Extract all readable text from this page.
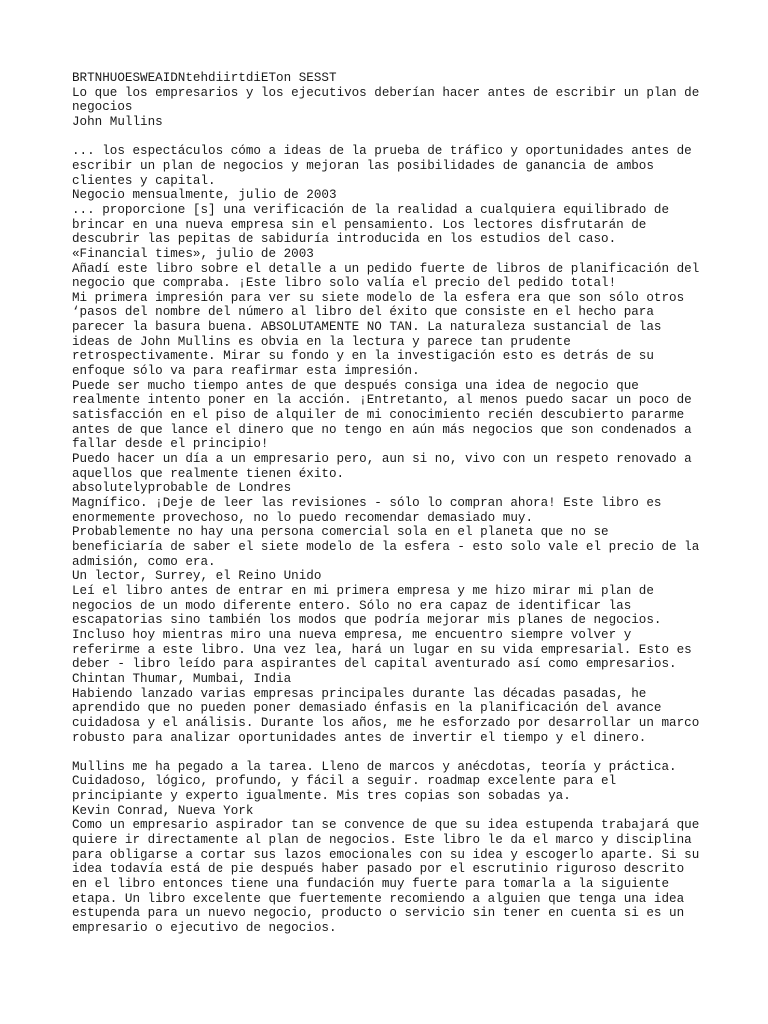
BRTNHUOESWEAIDNtehdiirtdiETon SESST
Lo que los empresarios y los ejecutivos deberían hacer antes de escribir un plan de
negocios
John Mullins
... los espectáculos cómo a ideas de la prueba de tráfico y oportunidades antes de
escribir un plan de negocios y mejoran las posibilidades de ganancia de ambos
clientes y capital.
Negocio mensualmente, julio de 2003
... proporcione [s] una verificación de la realidad a cualquiera equilibrado de
brincar en una nueva empresa sin el pensamiento. Los lectores disfrutarán de
descubrir las pepitas de sabiduría introducida en los estudios del caso.
«Financial times», julio de 2003
Añadí este libro sobre el detalle a un pedido fuerte de libros de planificación del
negocio que compraba. ¡Este libro solo valía el precio del pedido total!
Mi primera impresión para ver su siete modelo de la esfera era que son sólo otros
‘pasos del nombre del número al libro del éxito que consiste en el hecho para
parecer la basura buena. ABSOLUTAMENTE NO TAN. La naturaleza sustancial de las
ideas de John Mullins es obvia en la lectura y parece tan prudente
retrospectivamente. Mirar su fondo y en la investigación esto es detrás de su
enfoque sólo va para reafirmar esta impresión.
Puede ser mucho tiempo antes de que después consiga una idea de negocio que
realmente intento poner en la acción. ¡Entretanto, al menos puedo sacar un poco de
satisfacción en el piso de alquiler de mi conocimiento recién descubierto pararme
antes de que lance el dinero que no tengo en aún más negocios que son condenados a
fallar desde el principio!
Puedo hacer un día a un empresario pero, aun si no, vivo con un respeto renovado a
aquellos que realmente tienen éxito.
absolutelyprobable de Londres
Magnífico. ¡Deje de leer las revisiones - sólo lo compran ahora! Este libro es
enormemente provechoso, no lo puedo recomendar demasiado muy.
Probablemente no hay una persona comercial sola en el planeta que no se
beneficiaría de saber el siete modelo de la esfera - esto solo vale el precio de la
admisión, como era.
Un lector, Surrey, el Reino Unido
Leí el libro antes de entrar en mi primera empresa y me hizo mirar mi plan de
negocios de un modo diferente entero. Sólo no era capaz de identificar las
escapatorias sino también los modos que podría mejorar mis planes de negocios.
Incluso hoy mientras miro una nueva empresa, me encuentro siempre volver y
referirme a este libro. Una vez lea, hará un lugar en su vida empresarial. Esto es
deber - libro leído para aspirantes del capital aventurado así como empresarios.
Chintan Thumar, Mumbai, India
Habiendo lanzado varias empresas principales durante las décadas pasadas, he
aprendido que no pueden poner demasiado énfasis en la planificación del avance
cuidadosa y el análisis. Durante los años, me he esforzado por desarrollar un marco
robusto para analizar oportunidades antes de invertir el tiempo y el dinero.
Mullins me ha pegado a la tarea. Lleno de marcos y anécdotas, teoría y práctica.
Cuidadoso, lógico, profundo, y fácil a seguir. roadmap excelente para el
principiante y experto igualmente. Mis tres copias son sobadas ya.
Kevin Conrad, Nueva York
Como un empresario aspirador tan se convence de que su idea estupenda trabajará que
quiere ir directamente al plan de negocios. Este libro le da el marco y disciplina
para obligarse a cortar sus lazos emocionales con su idea y escogerlo aparte. Si su
idea todavía está de pie después haber pasado por el escrutinio riguroso descrito
en el libro entonces tiene una fundación muy fuerte para tomarla a la siguiente
etapa. Un libro excelente que fuertemente recomiendo a alguien que tenga una idea
estupenda para un nuevo negocio, producto o servicio sin tener en cuenta si es un
empresario o ejecutivo de negocios.
